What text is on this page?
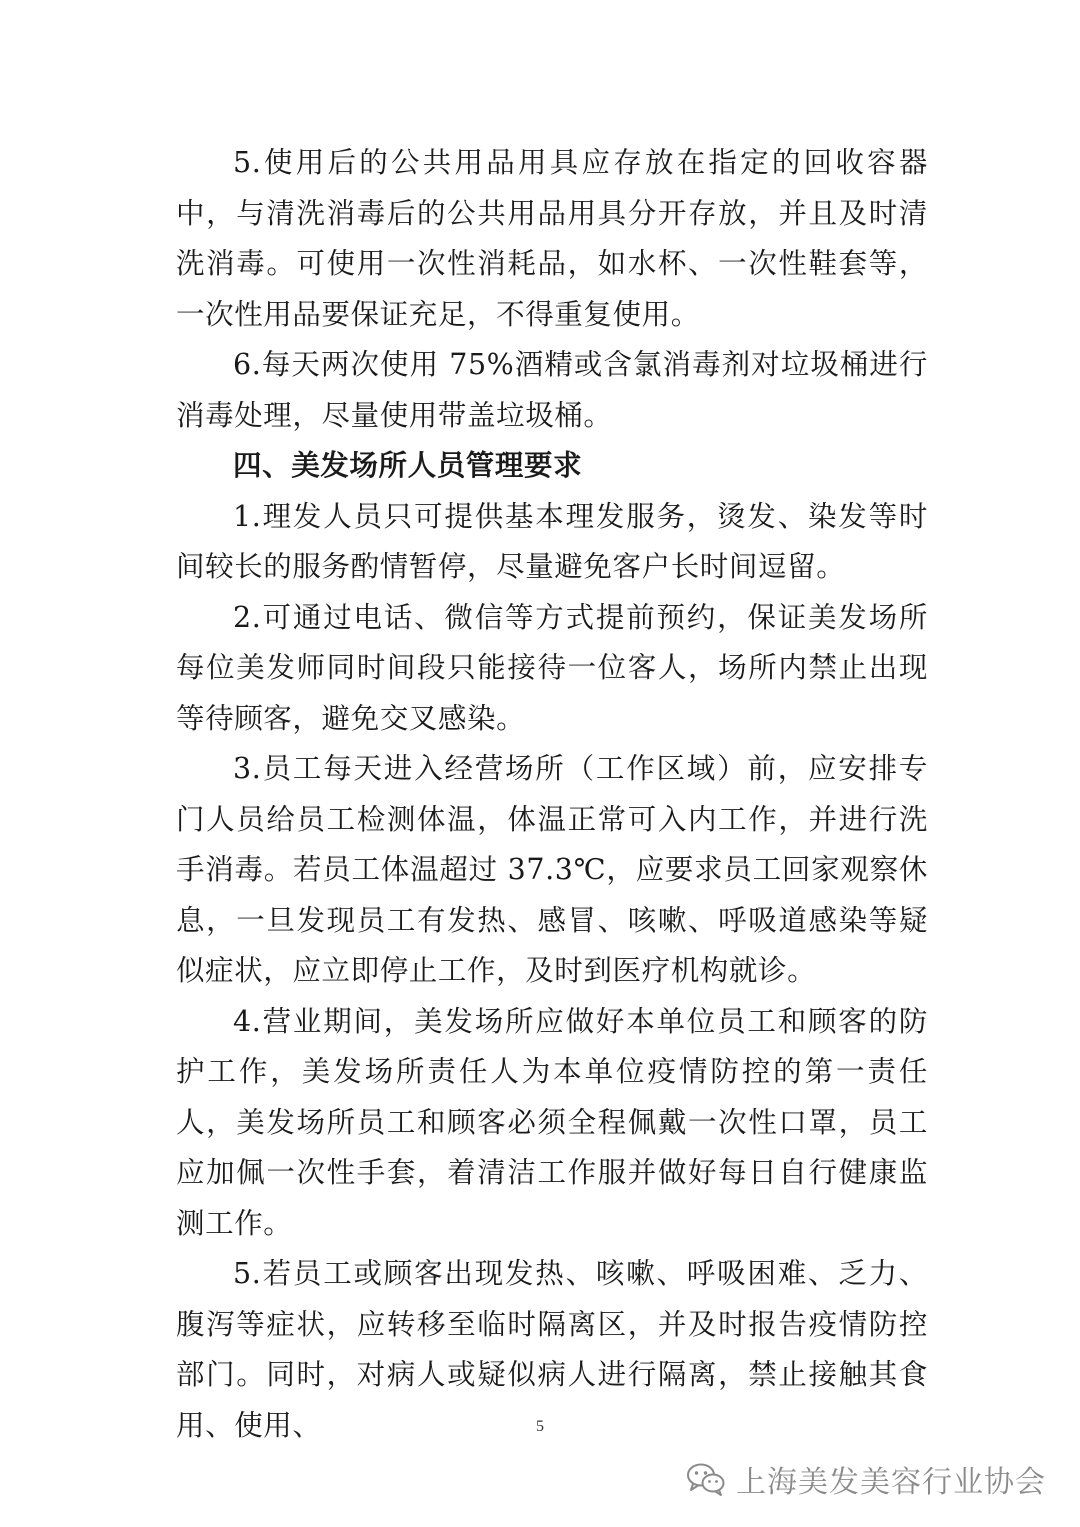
5.使用后的公共用品用具应存放在指定的回收容器中，与清洗消毒后的公共用品用具分开存放，并且及时清洗消毒。可使用一次性消耗品，如水杯、一次性鞋套等，一次性用品要保证充足，不得重复使用。

6.每天两次使用 75%酒精或含氯消毒剂对垃圾桶进行消毒处理，尽量使用带盖垃圾桶。

四、美发场所人员管理要求

1.理发人员只可提供基本理发服务，烫发、染发等时间较长的服务酌情暂停，尽量避免客户长时间逗留。

2.可通过电话、微信等方式提前预约，保证美发场所每位美发师同时间段只能接待一位客人，场所内禁止出现等待顾客，避免交叉感染。

3.员工每天进入经营场所（工作区域）前，应安排专门人员给员工检测体温，体温正常可入内工作，并进行洗手消毒。若员工体温超过 37.3℃，应要求员工回家观察休息，一旦发现员工有发热、感冒、咳嗽、呼吸道感染等疑似症状，应立即停止工作，及时到医疗机构就诊。

4.营业期间，美发场所应做好本单位员工和顾客的防护工作，美发场所责任人为本单位疫情防控的第一责任人，美发场所员工和顾客必须全程佩戴一次性口罩，员工应加佩一次性手套，着清洁工作服并做好每日自行健康监测工作。

5.若员工或顾客出现发热、咳嗽、呼吸困难、乏力、腹泻等症状，应转移至临时隔离区，并及时报告疫情防控部门。同时，对病人或疑似病人进行隔离，禁止接触其食用、使用、	5
上海美发美容行业协会
